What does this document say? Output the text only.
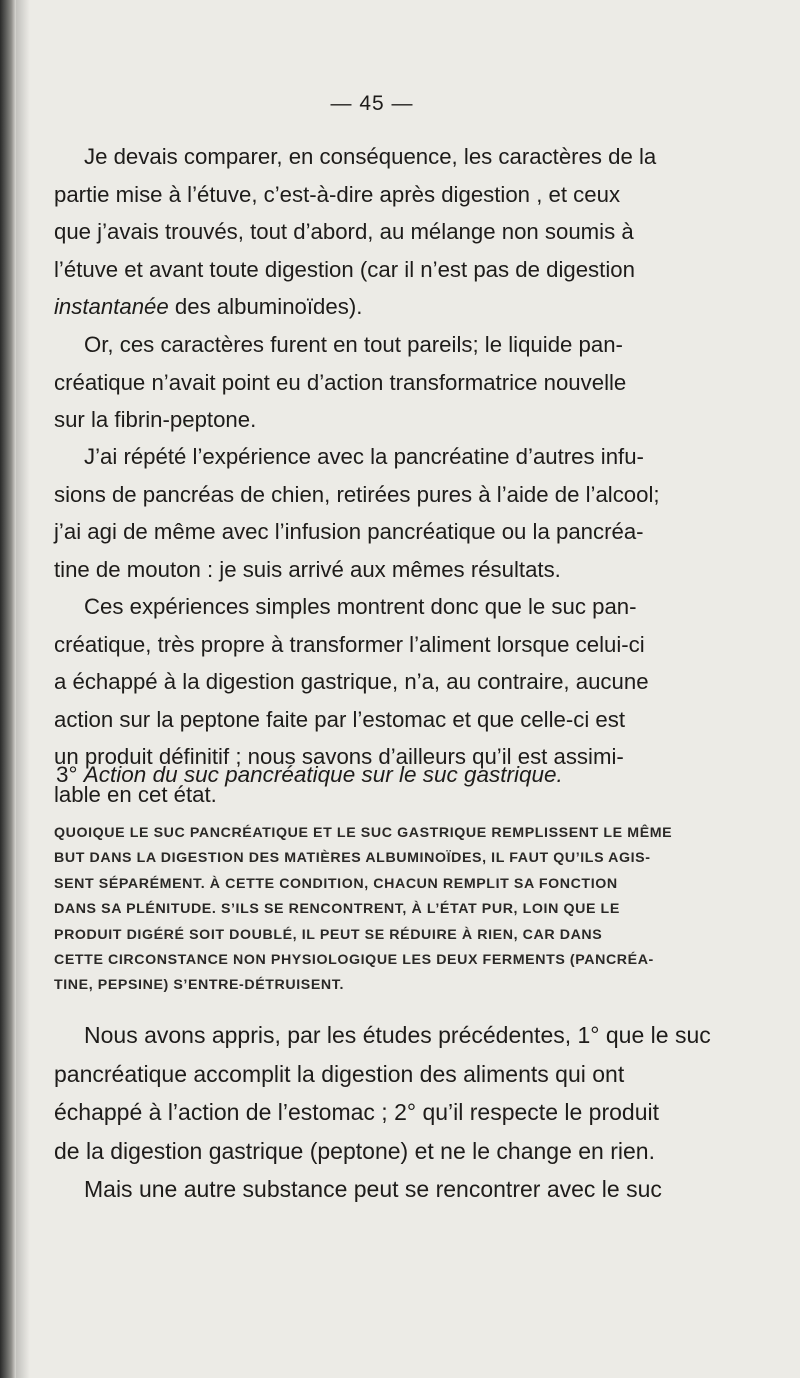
— 45 —
Je devais comparer, en conséquence, les caractères de la
partie mise à l’étuve, c’est-à-dire après digestion , et ceux
que j’avais trouvés, tout d’abord, au mélange non soumis à
l’étuve et avant toute digestion (car il n’est pas de digestion
instantanée des albuminoïdes).
Or, ces caractères furent en tout pareils; le liquide pan-
créatique n’avait point eu d’action transformatrice nouvelle
sur la fibrin-peptone.
J’ai répété l’expérience avec la pancréatine d’autres infu-
sions de pancréas de chien, retirées pures à l’aide de l’alcool;
j’ai agi de même avec l’infusion pancréatique ou la pancréa-
tine de mouton : je suis arrivé aux mêmes résultats.
Ces expériences simples montrent donc que le suc pan-
créatique, très propre à transformer l’aliment lorsque celui-ci
a échappé à la digestion gastrique, n’a, au contraire, aucune
action sur la peptone faite par l’estomac et que celle-ci est
un produit définitif ; nous savons d’ailleurs qu’il est assimi-
lable en cet état.
3° Action du suc pancréatique sur le suc gastrique.
QUOIQUE LE SUC PANCRÉATIQUE ET LE SUC GASTRIQUE REMPLISSENT LE MÊME
BUT DANS LA DIGESTION DES MATIÈRES ALBUMINOÏDES, IL FAUT QU’ILS AGIS-
SENT SÉPARÉMENT. À CETTE CONDITION, CHACUN REMPLIT SA FONCTION
DANS SA PLÉNITUDE. S’ILS SE RENCONTRENT, À L’ÉTAT PUR, LOIN QUE LE
PRODUIT DIGÉRÉ SOIT DOUBLÉ, IL PEUT SE RÉDUIRE À RIEN, CAR DANS
CETTE CIRCONSTANCE NON PHYSIOLOGIQUE LES DEUX FERMENTS (PANCRÉA-
TINE, PEPSINE) S’ENTRE-DÉTRUISENT.
Nous avons appris, par les études précédentes, 1° que le suc
pancréatique accomplit la digestion des aliments qui ont
échappé à l’action de l’estomac ; 2° qu’il respecte le produit
de la digestion gastrique (peptone) et ne le change en rien.
Mais une autre substance peut se rencontrer avec le suc
